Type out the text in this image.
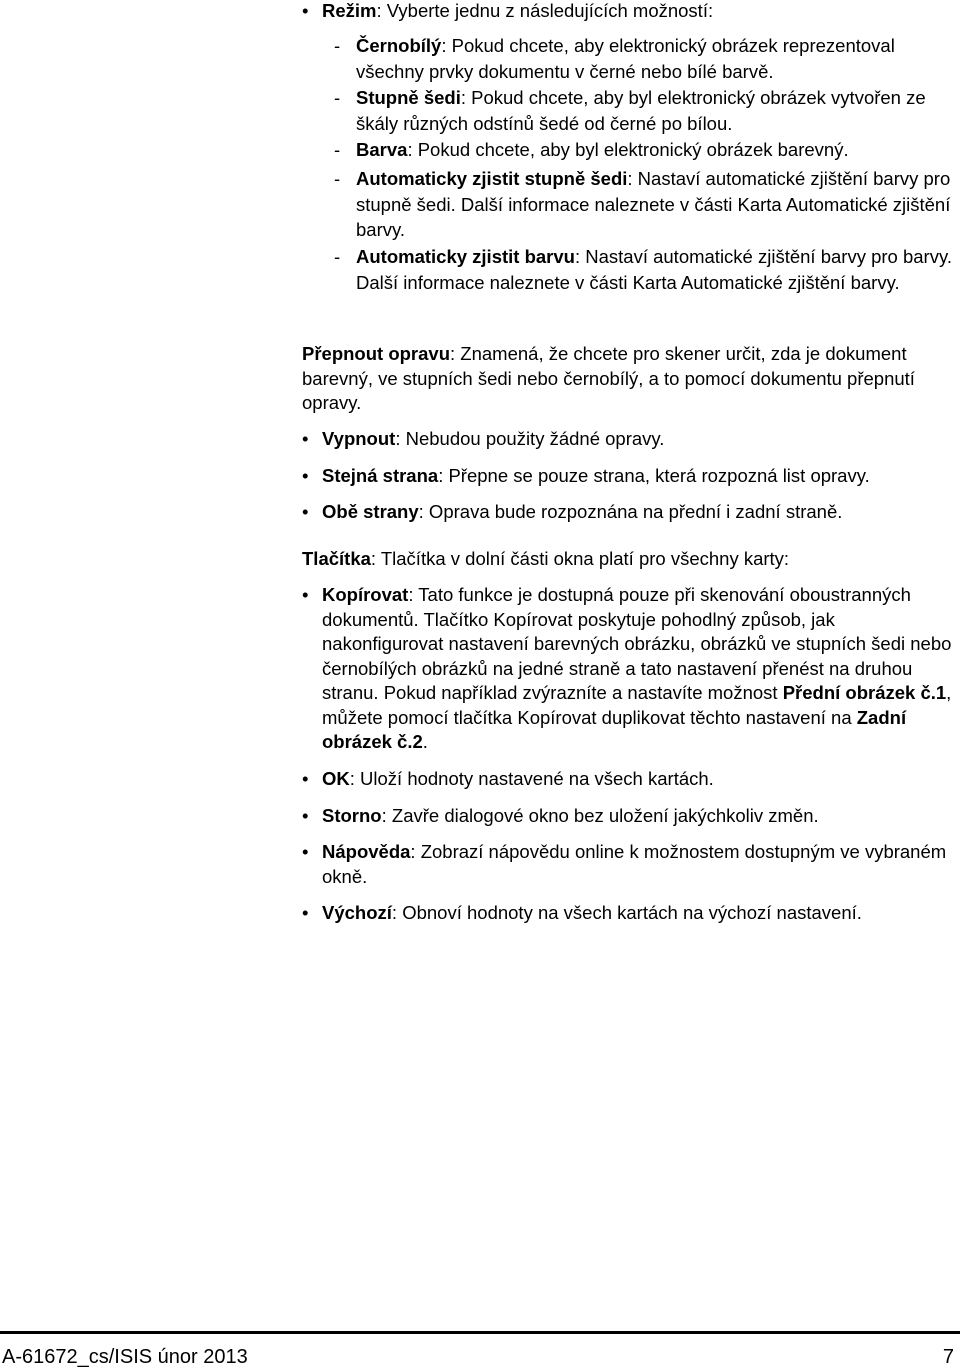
• Režim: Vyberte jednu z následujících možností:
- Černobílý: Pokud chcete, aby elektronický obrázek reprezentoval všechny prvky dokumentu v černé nebo bílé barvě.
- Stupně šedi: Pokud chcete, aby byl elektronický obrázek vytvořen ze škály různých odstínů šedé od černé po bílou.
- Barva: Pokud chcete, aby byl elektronický obrázek barevný.
- Automaticky zjistit stupně šedi: Nastaví automatické zjištění barvy pro stupně šedi. Další informace naleznete v části Karta Automatické zjištění barvy.
- Automaticky zjistit barvu: Nastaví automatické zjištění barvy pro barvy. Další informace naleznete v části Karta Automatické zjištění barvy.
Přepnout opravu: Znamená, že chcete pro skener určit, zda je dokument barevný, ve stupních šedi nebo černobílý, a to pomocí dokumentu přepnutí opravy.
• Vypnout: Nebudou použity žádné opravy.
• Stejná strana: Přepne se pouze strana, která rozpozná list opravy.
• Obě strany: Oprava bude rozpoznána na přední i zadní straně.
Tlačítka: Tlačítka v dolní části okna platí pro všechny karty:
• Kopírovat: Tato funkce je dostupná pouze při skenování oboustranných dokumentů. Tlačítko Kopírovat poskytuje pohodlný způsob, jak nakonfigurovat nastavení barevných obrázku, obrázků ve stupních šedi nebo černobílých obrázků na jedné straně a tato nastavení přenést na druhou stranu. Pokud například zvýrazníte a nastavíte možnost Přední obrázek č.1, můžete pomocí tlačítka Kopírovat duplikovat těchto nastavení na Zadní obrázek č.2.
• OK: Uloží hodnoty nastavené na všech kartách.
• Storno: Zavře dialogové okno bez uložení jakýchkoliv změn.
• Nápověda: Zobrazí nápovědu online k možnostem dostupným ve vybraném okně.
• Výchozí: Obnoví hodnoty na všech kartách na výchozí nastavení.
A-61672_cs/ISIS únor 2013	7
